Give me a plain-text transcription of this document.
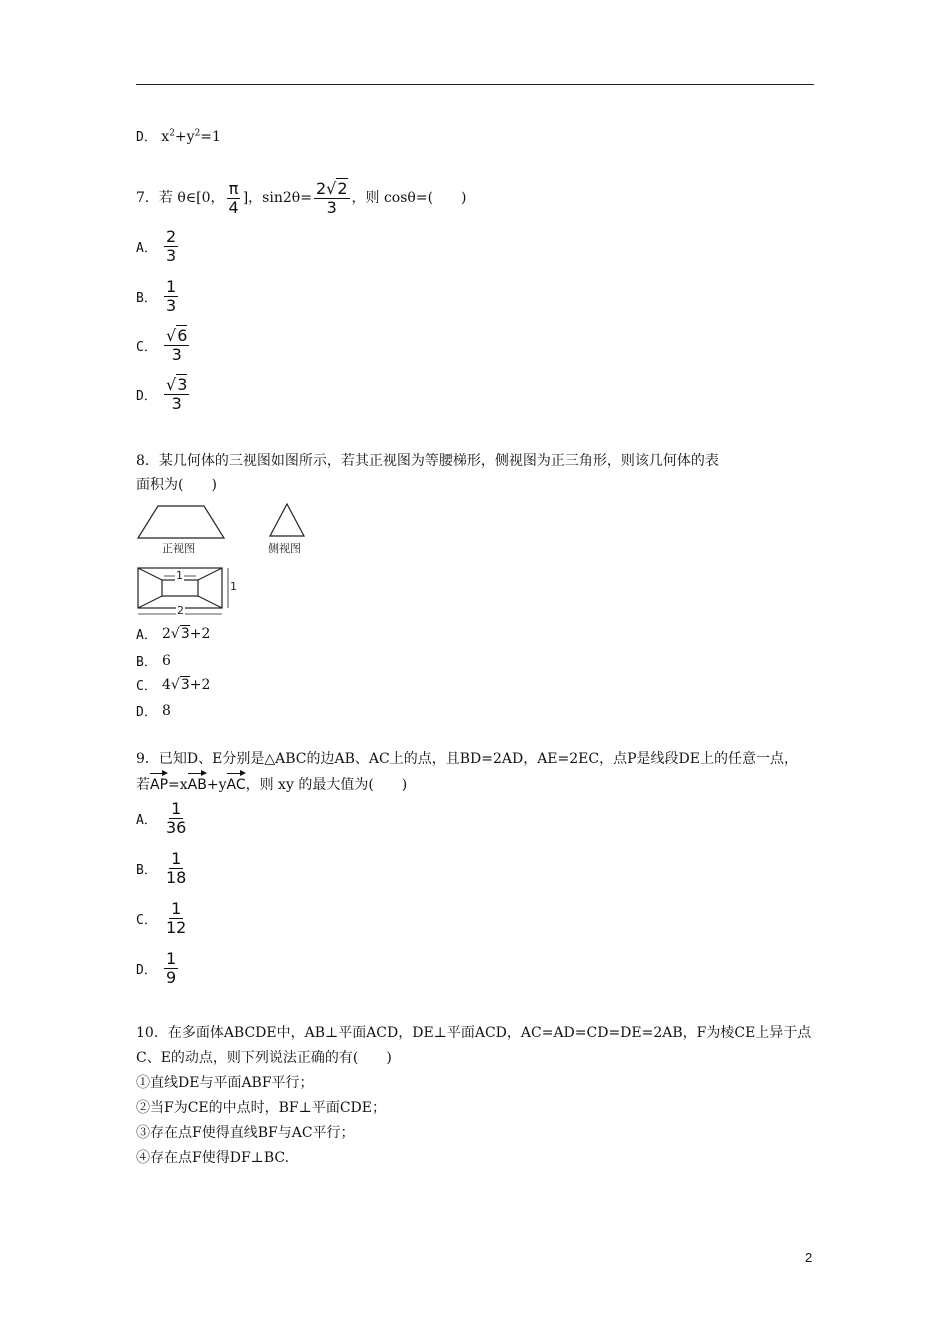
D． $x^2+y^2=1$
7．若 θ∈[0， $\frac{\pi}{4}$ ]，$\sin 2\theta= \frac{2√2}{3}$ ，则 cosθ=(　　)
A． $\frac{2}{3}$
B． $\frac{1}{3}$
C． $\frac{√6}{3}$
D． $\frac{√3}{3}$
8．某几何体的三视图如图所示，若其正视图为等腰梯形，侧视图为正三角形，则该几何体的表
面积为(　　)
正视图	侧视图
1
2
1
A． 2 √3 +2
B． 6
C． 4 √3 +2
D． 8
9．已知D、E分别是△ABC的边AB、AC上的点，且BD=2AD，AE=2EC，点P是线段DE上的任意一点，
若AP=xAB+yAC，则 xy 的最大值为(　　)
A． $\frac{1}{36}$
B． $\frac{1}{18}$
C． $\frac{1}{12}$
D． $\frac{1}{9}$
10．在多面体ABCDE中，AB⊥平面ACD，DE⊥平面ACD，AC=AD=CD=DE=2AB，F为棱CE上异于点
C、E的动点，则下列说法正确的有(　　)
①直线DE与平面ABF平行；
②当F为CE的中点时，BF⊥平面CDE；
③存在点F使得直线BF与AC平行；
④存在点F使得DF⊥BC.
2
